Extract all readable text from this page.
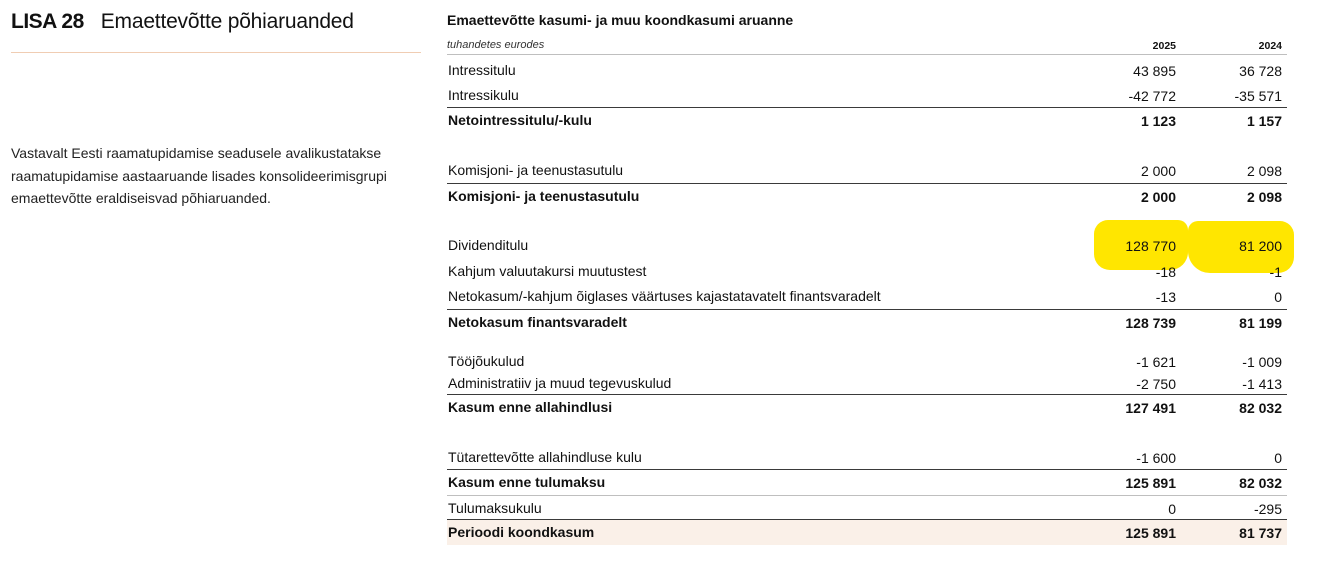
LISA 28 Emaettevõtte põhiaruanded
Vastavalt Eesti raamatupidamise seadusele avalikustatakse raamatupidamise aastaaruande lisades konsolideerimisgrupi emaettevõtte eraldiseisvad põhiaruanded.
Emaettevõtte kasumi- ja muu koondkasumi aruanne
tuhandetes eurodes	2025	2024
Intressitulu	43 895	36 728
Intressikulu	-42 772	-35 571
Netointressitulu/-kulu	1 123	1 157
Komisjoni- ja teenustasutulu	2 000	2 098
Komisjoni- ja teenustasutulu	2 000	2 098
Dividenditulu	128 770	81 200
Kahjum valuutakursi muutustest	-18	-1
Netokasum/-kahjum õiglases väärtuses kajastatavatelt finantsvaradelt	-13	0
Netokasum finantsvaradelt	128 739	81 199
Tööjõukulud	-1 621	-1 009
Administratiiv ja muud tegevuskulud	-2 750	-1 413
Kasum enne allahindlusi	127 491	82 032
Tütarettevõtte allahindluse kulu	-1 600	0
Kasum enne tulumaksu	125 891	82 032
Tulumaksukulu	0	-295
Perioodi koondkasum	125 891	81 737
